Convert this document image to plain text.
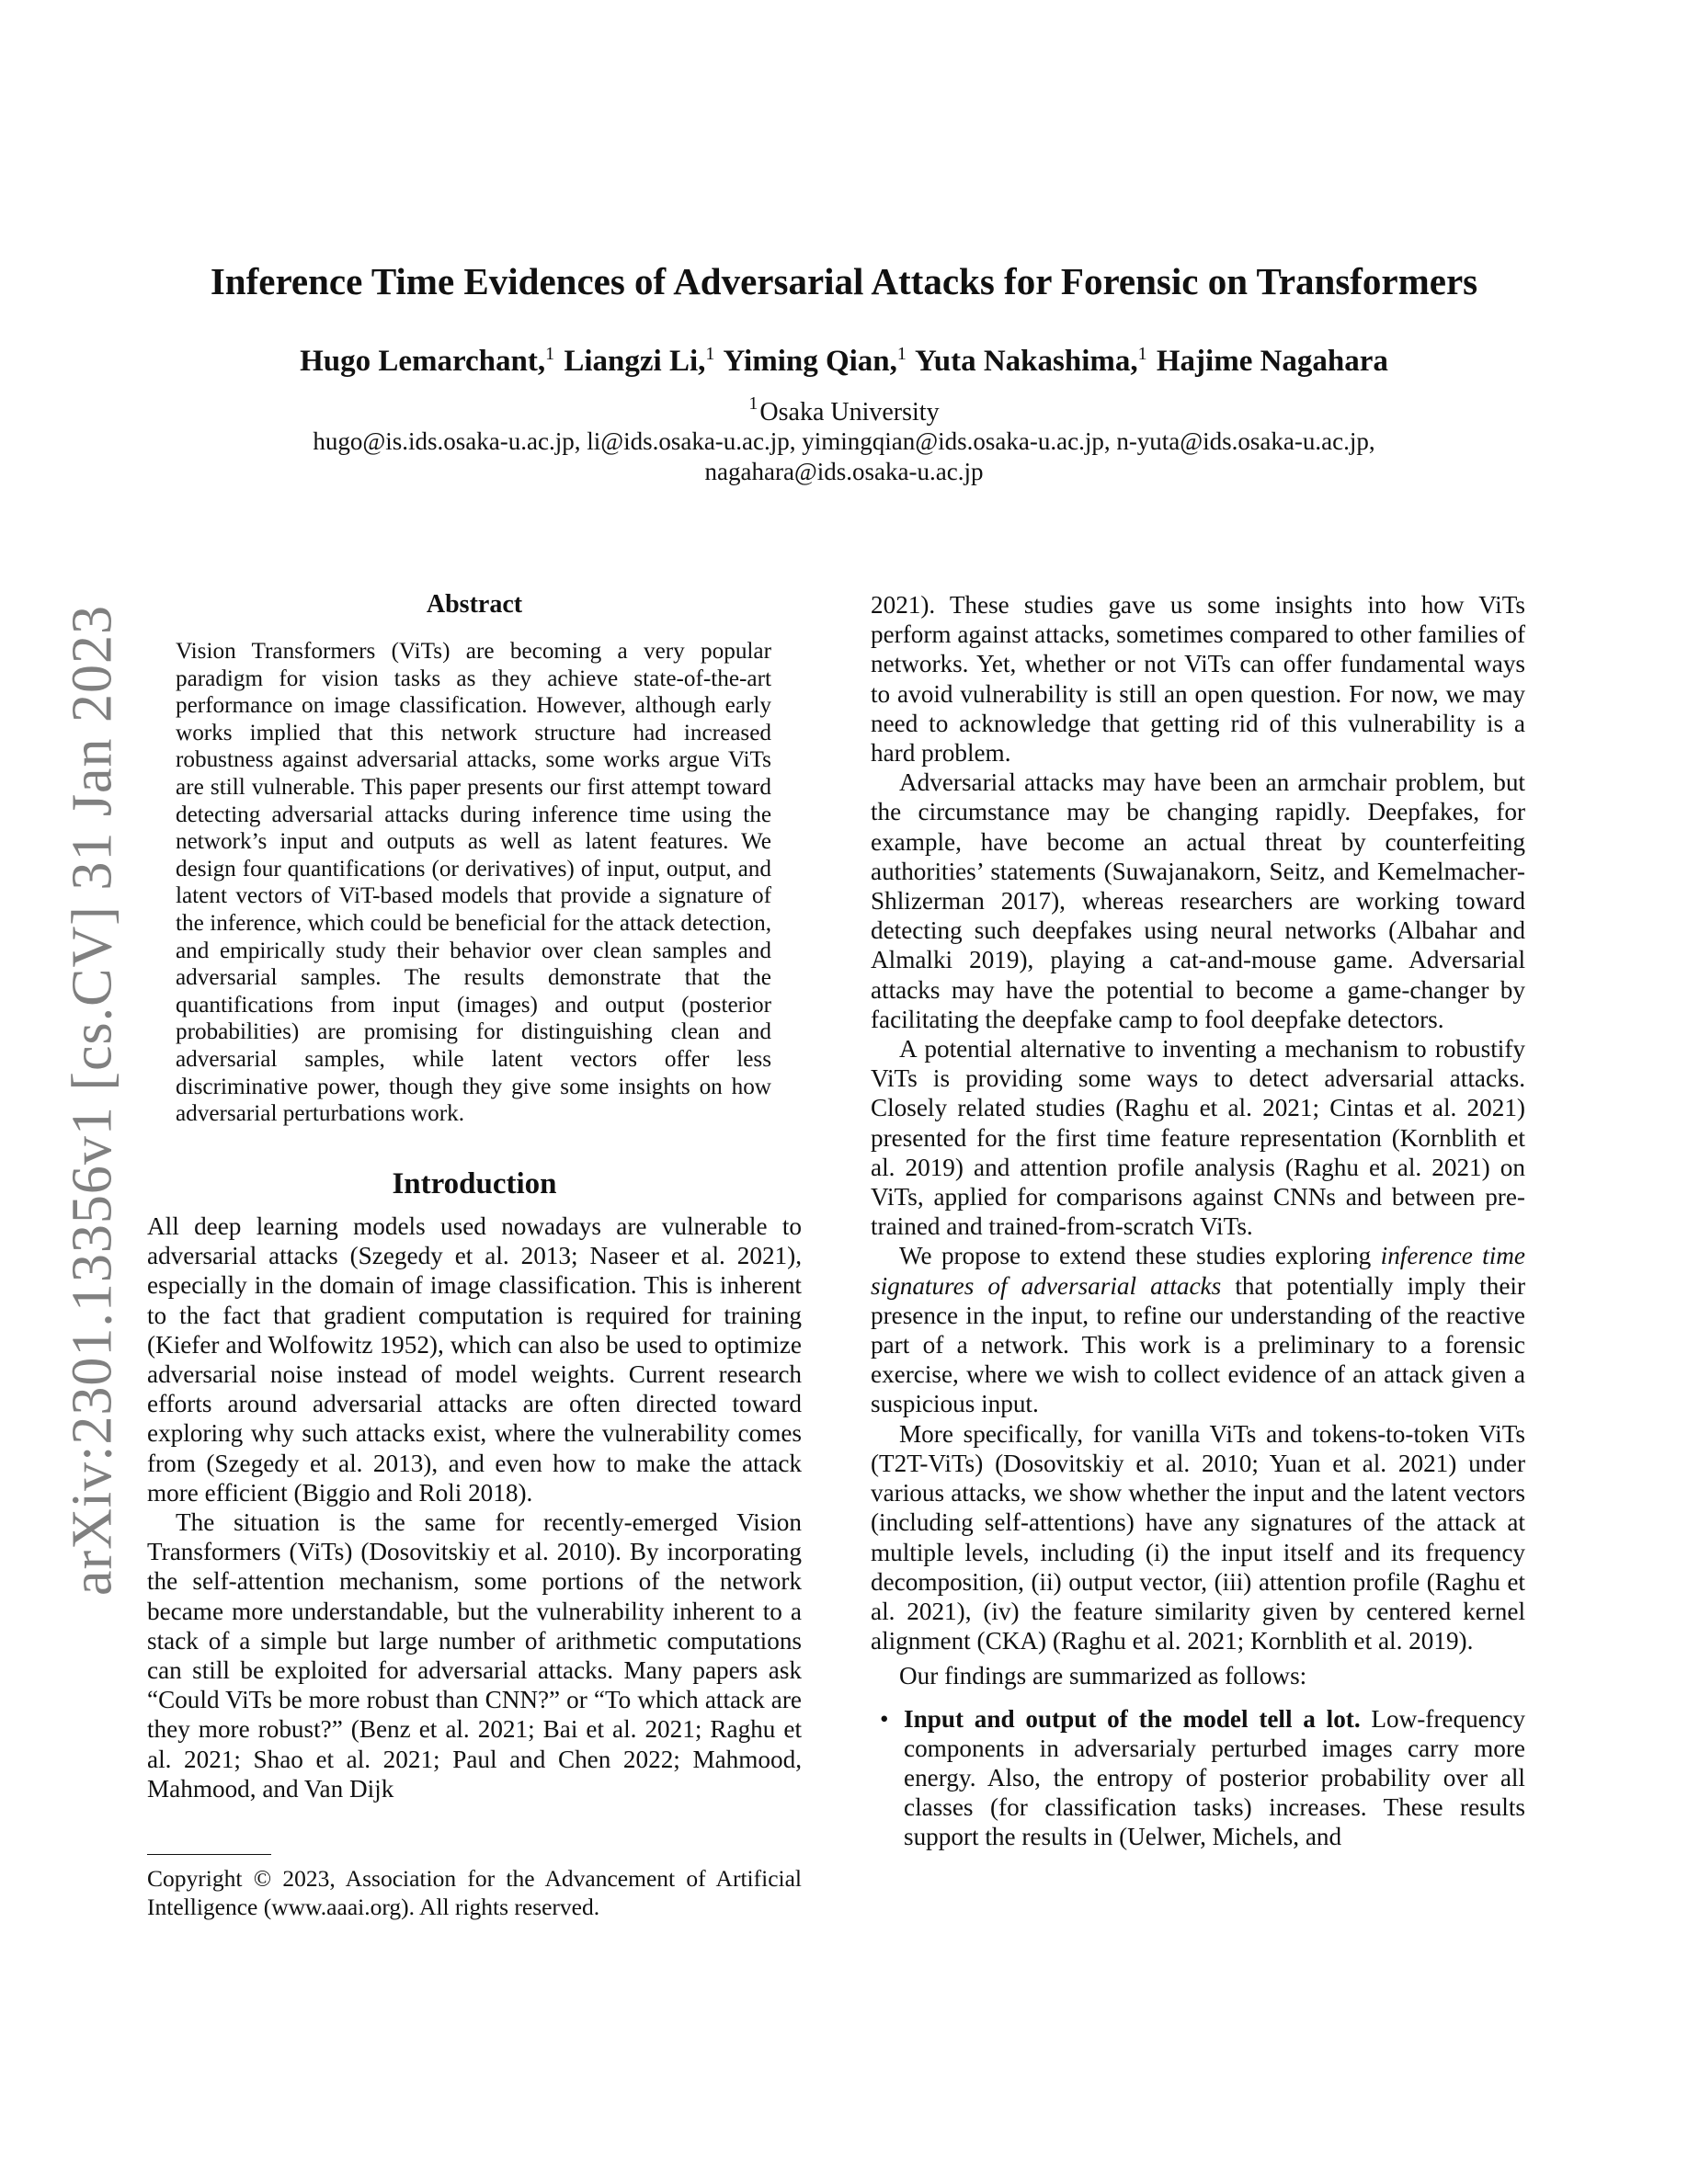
arXiv:2301.13356v1 [cs.CV] 31 Jan 2023
Inference Time Evidences of Adversarial Attacks for Forensic on Transformers
Hugo Lemarchant,$^1$ Liangzi Li,$^1$ Yiming Qian,$^1$ Yuta Nakashima,$^1$ Hajime Nagahara
$^1$Osaka University
hugo@is.ids.osaka-u.ac.jp, li@ids.osaka-u.ac.jp, yimingqian@ids.osaka-u.ac.jp, n-yuta@ids.osaka-u.ac.jp,
nagahara@ids.osaka-u.ac.jp
Abstract
Vision Transformers (ViTs) are becoming a very popular paradigm for vision tasks as they achieve state-of-the-art performance on image classification. However, although early works implied that this network structure had increased robustness against adversarial attacks, some works argue ViTs are still vulnerable. This paper presents our first attempt toward detecting adversarial attacks during inference time using the network’s input and outputs as well as latent features. We design four quantifications (or derivatives) of input, output, and latent vectors of ViT-based models that provide a signature of the inference, which could be beneficial for the attack detection, and empirically study their behavior over clean samples and adversarial samples. The results demonstrate that the quantifications from input (images) and output (posterior probabilities) are promising for distinguishing clean and adversarial samples, while latent vectors offer less discriminative power, though they give some insights on how adversarial perturbations work.
Introduction

All deep learning models used nowadays are vulnerable to adversarial attacks (Szegedy et al. 2013; Naseer et al. 2021), especially in the domain of image classification. This is inherent to the fact that gradient computation is required for training (Kiefer and Wolfowitz 1952), which can also be used to optimize adversarial noise instead of model weights. Current research efforts around adversarial attacks are often directed toward exploring why such attacks exist, where the vulnerability comes from (Szegedy et al. 2013), and even how to make the attack more efficient (Biggio and Roli 2018).

The situation is the same for recently-emerged Vision Transformers (ViTs) (Dosovitskiy et al. 2010). By incorporating the self-attention mechanism, some portions of the network became more understandable, but the vulnerability inherent to a stack of a simple but large number of arithmetic computations can still be exploited for adversarial attacks. Many papers ask “Could ViTs be more robust than CNN?” or “To which attack are they more robust?” (Benz et al. 2021; Bai et al. 2021; Raghu et al. 2021; Shao et al. 2021; Paul and Chen 2022; Mahmood, Mahmood, and Van Dijk

Copyright © 2023, Association for the Advancement of Artificial Intelligence (www.aaai.org). All rights reserved.

2021). These studies gave us some insights into how ViTs perform against attacks, sometimes compared to other families of networks. Yet, whether or not ViTs can offer fundamental ways to avoid vulnerability is still an open question. For now, we may need to acknowledge that getting rid of this vulnerability is a hard problem.

Adversarial attacks may have been an armchair problem, but the circumstance may be changing rapidly. Deepfakes, for example, have become an actual threat by counterfeiting authorities’ statements (Suwajanakorn, Seitz, and Kemelmacher-Shlizerman 2017), whereas researchers are working toward detecting such deepfakes using neural networks (Albahar and Almalki 2019), playing a cat-and-mouse game. Adversarial attacks may have the potential to become a game-changer by facilitating the deepfake camp to fool deepfake detectors.

A potential alternative to inventing a mechanism to robustify ViTs is providing some ways to detect adversarial attacks. Closely related studies (Raghu et al. 2021; Cintas et al. 2021) presented for the first time feature representation (Kornblith et al. 2019) and attention profile analysis (Raghu et al. 2021) on ViTs, applied for comparisons against CNNs and between pre-trained and trained-from-scratch ViTs.

We propose to extend these studies exploring inference time signatures of adversarial attacks that potentially imply their presence in the input, to refine our understanding of the reactive part of a network. This work is a preliminary to a forensic exercise, where we wish to collect evidence of an attack given a suspicious input.

More specifically, for vanilla ViTs and tokens-to-token ViTs (T2T-ViTs) (Dosovitskiy et al. 2010; Yuan et al. 2021) under various attacks, we show whether the input and the latent vectors (including self-attentions) have any signatures of the attack at multiple levels, including (i) the input itself and its frequency decomposition, (ii) output vector, (iii) attention profile (Raghu et al. 2021), (iv) the feature similarity given by centered kernel alignment (CKA) (Raghu et al. 2021; Kornblith et al. 2019).

Our findings are summarized as follows:

• Input and output of the model tell a lot. Low-frequency components in adversarialy perturbed images carry more energy. Also, the entropy of posterior probability over all classes (for classification tasks) increases. These results support the results in (Uelwer, Michels, and
